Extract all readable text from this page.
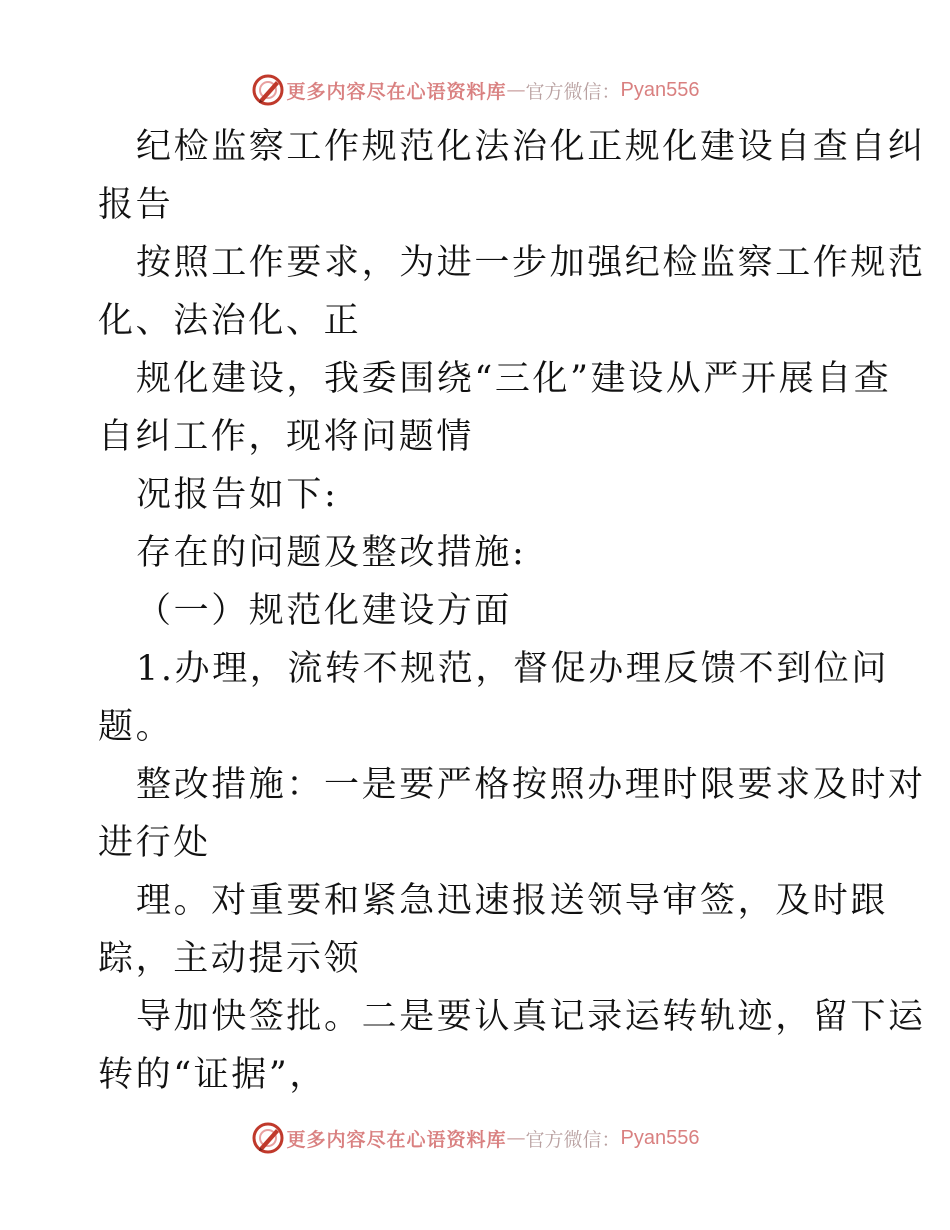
更多内容尽在心语资料库 — 官方微信： Pyan556
纪检监察工作规范化法治化正规化建设自查自纠
报告
按照工作要求，为进一步加强纪检监察工作规范
化、法治化、正
规化建设，我委围绕“三化”建设从严开展自查
自纠工作，现将问题情
况报告如下:
存在的问题及整改措施:
（一）规范化建设方面
1.办理，流转不规范，督促办理反馈不到位问
题。
整改措施：一是要严格按照办理时限要求及时对
进行处
理。对重要和紧急迅速报送领导审签，及时跟
踪，主动提示领
导加快签批。二是要认真记录运转轨迹，留下运
转的“证据”，
更多内容尽在心语资料库 — 官方微信： Pyan556
